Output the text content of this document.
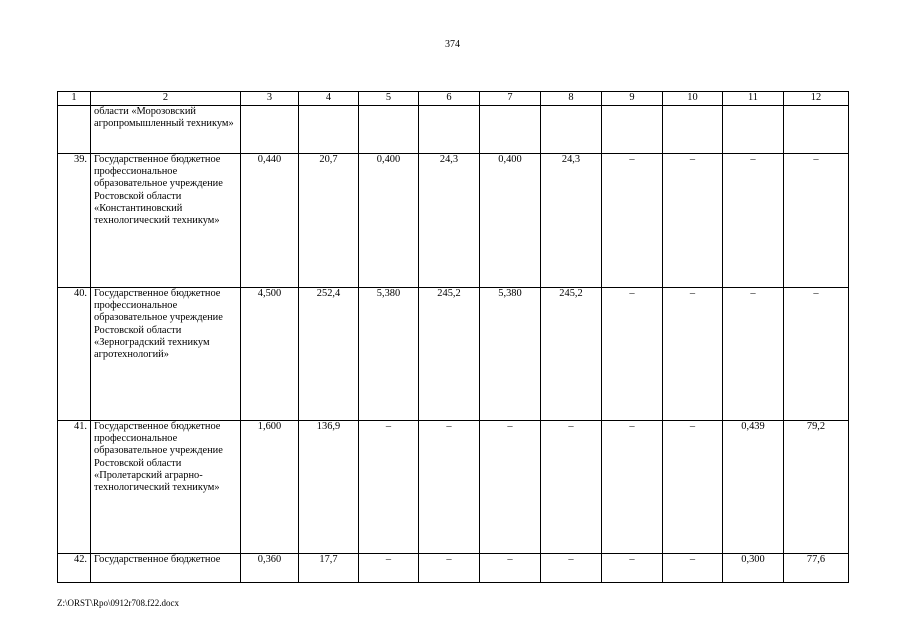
374
1	2	3	4	5	6	7	8	9	10	11	12
	области «Морозовский агропромышленный техникум»										
39.	Государственное бюджетное профессиональное образовательное учреждение Ростовской области «Константиновский технологический техникум»	0,440	20,7	0,400	24,3	0,400	24,3	–	–	–	–
40.	Государственное бюджетное профессиональное образовательное учреждение Ростовской области «Зерноградский техникум агротехнологий»	4,500	252,4	5,380	245,2	5,380	245,2	–	–	–	–
41.	Государственное бюджетное профессиональное образовательное учреждение Ростовской области «Пролетарский аграрно-технологический техникум»	1,600	136,9	–	–	–	–	–	–	0,439	79,2
42.	Государственное бюджетное	0,360	17,7	–	–	–	–	–	–	0,300	77,6
Z:\ORST\Rpo\0912r708.f22.docx
